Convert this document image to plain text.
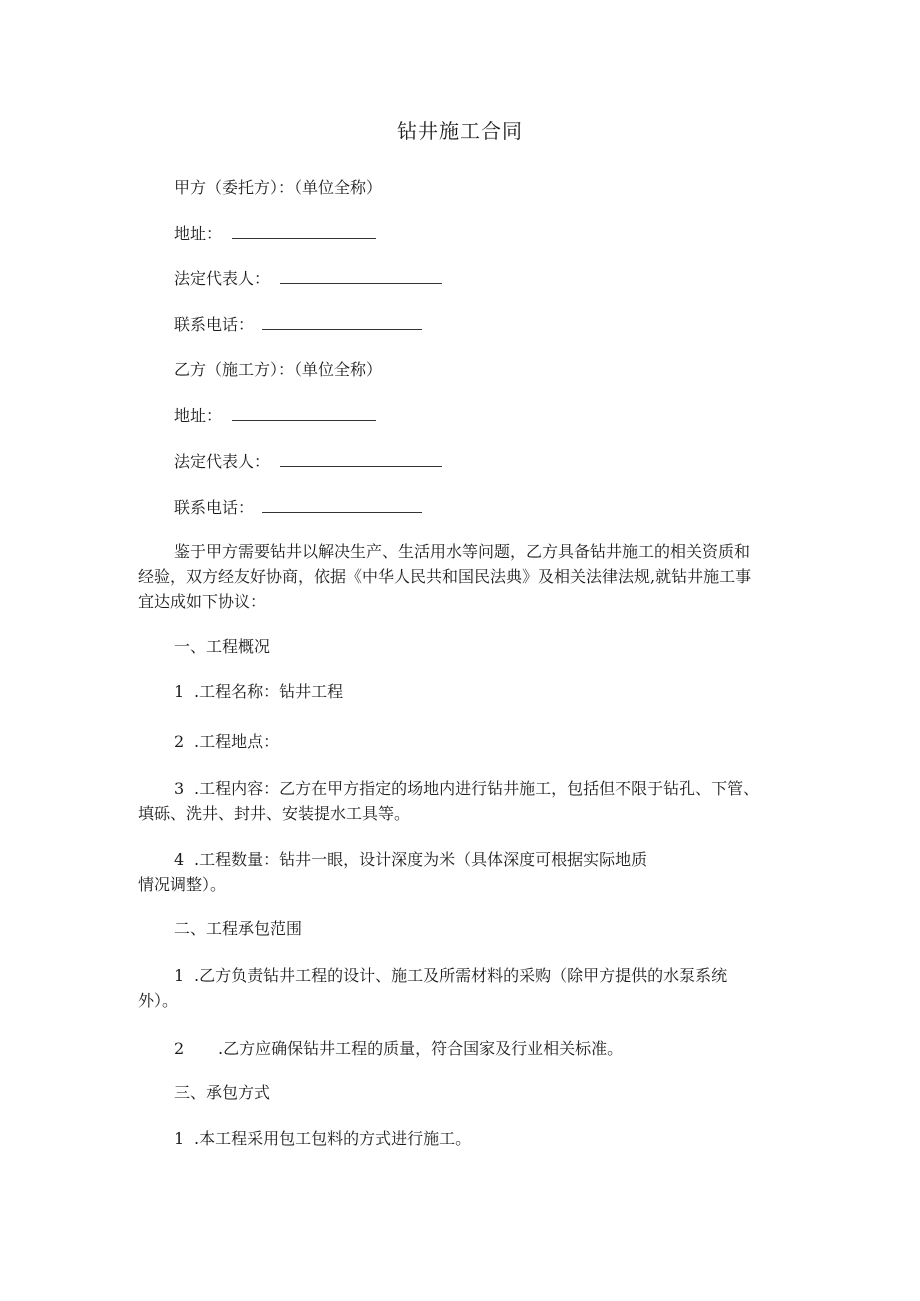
钻井施工合同
甲方（委托方）：（单位全称）
地址：
法定代表人：
联系电话：
乙方（施工方）：（单位全称）
地址：
法定代表人：
联系电话：
鉴于甲方需要钻井以解决生产、生活用水等问题，乙方具备钻井施工的相关资质和
经验，双方经友好协商，依据《中华人民共和国民法典》及相关法律法规,就钻井施工事
宜达成如下协议：
一、工程概况
1 .工程名称：钻井工程
2 .工程地点：
3 .工程内容：乙方在甲方指定的场地内进行钻井施工，包括但不限于钻孔、下管、
填砾、洗井、封井、安装提水工具等。
4 .工程数量：钻井一眼，设计深度为米（具体深度可根据实际地质
情况调整）。
二、工程承包范围
1 .乙方负责钻井工程的设计、施工及所需材料的采购（除甲方提供的水泵系统
外）。
2 .乙方应确保钻井工程的质量，符合国家及行业相关标准。
三、承包方式
1 .本工程采用包工包料的方式进行施工。
